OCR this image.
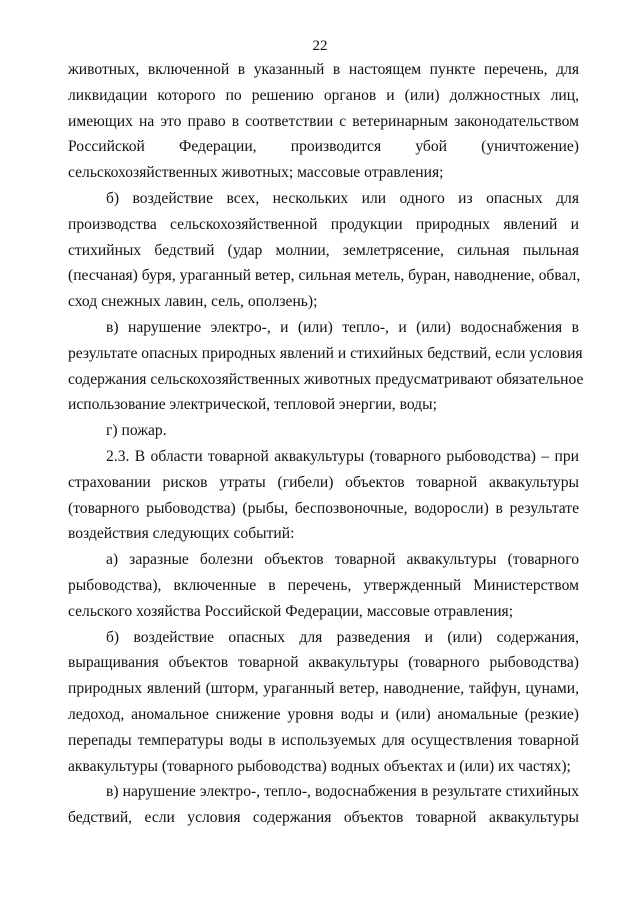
22
животных, включенной в указанный в настоящем пункте перечень, для
ликвидации которого по решению органов и (или) должностных лиц,
имеющих на это право в соответствии с ветеринарным законодательством
Российской Федерации, производится убой (уничтожение)
сельскохозяйственных животных; массовые отравления;
б) воздействие всех, нескольких или одного из опасных для
производства сельскохозяйственной продукции природных явлений и
стихийных бедствий (удар молнии, землетрясение, сильная пыльная
(песчаная) буря, ураганный ветер, сильная метель, буран, наводнение, обвал,
сход снежных лавин, сель, оползень);
в) нарушение электро-, и (или) тепло-, и (или) водоснабжения в
результате опасных природных явлений и стихийных бедствий, если условия
содержания сельскохозяйственных животных предусматривают обязательное
использование электрической, тепловой энергии, воды;
г) пожар.
2.3. В области товарной аквакультуры (товарного рыбоводства) – при
страховании рисков утраты (гибели) объектов товарной аквакультуры
(товарного рыбоводства) (рыбы, беспозвоночные, водоросли) в результате
воздействия следующих событий:
а) заразные болезни объектов товарной аквакультуры (товарного
рыбоводства), включенные в перечень, утвержденный Министерством
сельского хозяйства Российской Федерации, массовые отравления;
б) воздействие опасных для разведения и (или) содержания,
выращивания объектов товарной аквакультуры (товарного рыбоводства)
природных явлений (шторм, ураганный ветер, наводнение, тайфун, цунами,
ледоход, аномальное снижение уровня воды и (или) аномальные (резкие)
перепады температуры воды в используемых для осуществления товарной
аквакультуры (товарного рыбоводства) водных объектах и (или) их частях);
в) нарушение электро-, тепло-, водоснабжения в результате стихийных
бедствий, если условия содержания объектов товарной аквакультуры
